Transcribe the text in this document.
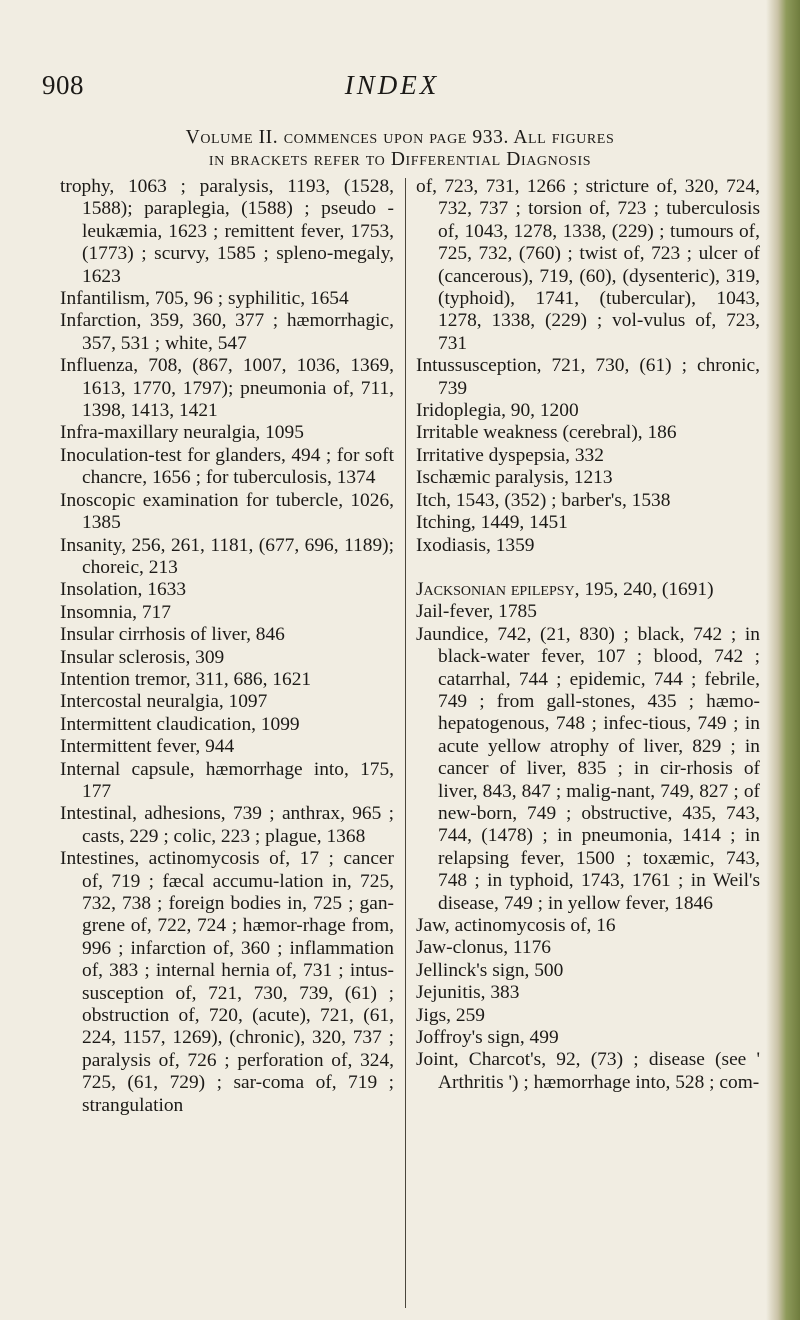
908	INDEX
Volume II. commences upon page 933. All figures
in brackets refer to Differential Diagnosis

trophy, 1063 ; paralysis, 1193, (1528, 1588); paraplegia, (1588) ; pseudo - leukæmia, 1623 ; remittent fever, 1753, (1773) ; scurvy, 1585 ; spleno-megaly, 1623

Infantilism, 705, 96 ; syphilitic, 1654

Infarction, 359, 360, 377 ; hæmorrhagic, 357, 531 ; white, 547

Influenza, 708, (867, 1007, 1036, 1369, 1613, 1770, 1797); pneumonia of, 711, 1398, 1413, 1421

Infra-maxillary neuralgia, 1095

Inoculation-test for glanders, 494 ; for soft chancre, 1656 ; for tuberculosis, 1374

Inoscopic examination for tubercle, 1026, 1385

Insanity, 256, 261, 1181, (677, 696, 1189); choreic, 213

Insolation, 1633

Insomnia, 717

Insular cirrhosis of liver, 846

Insular sclerosis, 309

Intention tremor, 311, 686, 1621

Intercostal neuralgia, 1097

Intermittent claudication, 1099

Intermittent fever, 944

Internal capsule, hæmorrhage into, 175, 177

Intestinal, adhesions, 739 ; anthrax, 965 ; casts, 229 ; colic, 223 ; plague, 1368

Intestines, actinomycosis of, 17 ; cancer of, 719 ; fæcal accumu-lation in, 725, 732, 738 ; foreign bodies in, 725 ; gan-grene of, 722, 724 ; hæmor-rhage from, 996 ; infarction of, 360 ; inflammation of, 383 ; internal hernia of, 731 ; intus-susception of, 721, 730, 739, (61) ; obstruction of, 720, (acute), 721, (61, 224, 1157, 1269), (chronic), 320, 737 ; paralysis of, 726 ; perforation of, 324, 725, (61, 729) ; sar-coma of, 719 ; strangulation

of, 723, 731, 1266 ; stricture of, 320, 724, 732, 737 ; torsion of, 723 ; tuberculosis of, 1043, 1278, 1338, (229) ; tumours of, 725, 732, (760) ; twist of, 723 ; ulcer of (cancerous), 719, (60), (dysenteric), 319, (typhoid), 1741, (tubercular), 1043, 1278, 1338, (229) ; vol-vulus of, 723, 731

Intussusception, 721, 730, (61) ; chronic, 739

Iridoplegia, 90, 1200

Irritable weakness (cerebral), 186

Irritative dyspepsia, 332

Ischæmic paralysis, 1213

Itch, 1543, (352) ; barber's, 1538

Itching, 1449, 1451

Ixodiasis, 1359

Jacksonian epilepsy, 195, 240, (1691)

Jail-fever, 1785

Jaundice, 742, (21, 830) ; black, 742 ; in black-water fever, 107 ; blood, 742 ; catarrhal, 744 ; epidemic, 744 ; febrile, 749 ; from gall-stones, 435 ; hæmo-hepatogenous, 748 ; infec-tious, 749 ; in acute yellow atrophy of liver, 829 ; in cancer of liver, 835 ; in cir-rhosis of liver, 843, 847 ; malig-nant, 749, 827 ; of new-born, 749 ; obstructive, 435, 743, 744, (1478) ; in pneumonia, 1414 ; in relapsing fever, 1500 ; toxæmic, 743, 748 ; in typhoid, 1743, 1761 ; in Weil's disease, 749 ; in yellow fever, 1846

Jaw, actinomycosis of, 16

Jaw-clonus, 1176

Jellinck's sign, 500

Jejunitis, 383

Jigs, 259

Joffroy's sign, 499

Joint, Charcot's, 92, (73) ; disease (see ' Arthritis ') ; hæmorrhage into, 528 ; com-
